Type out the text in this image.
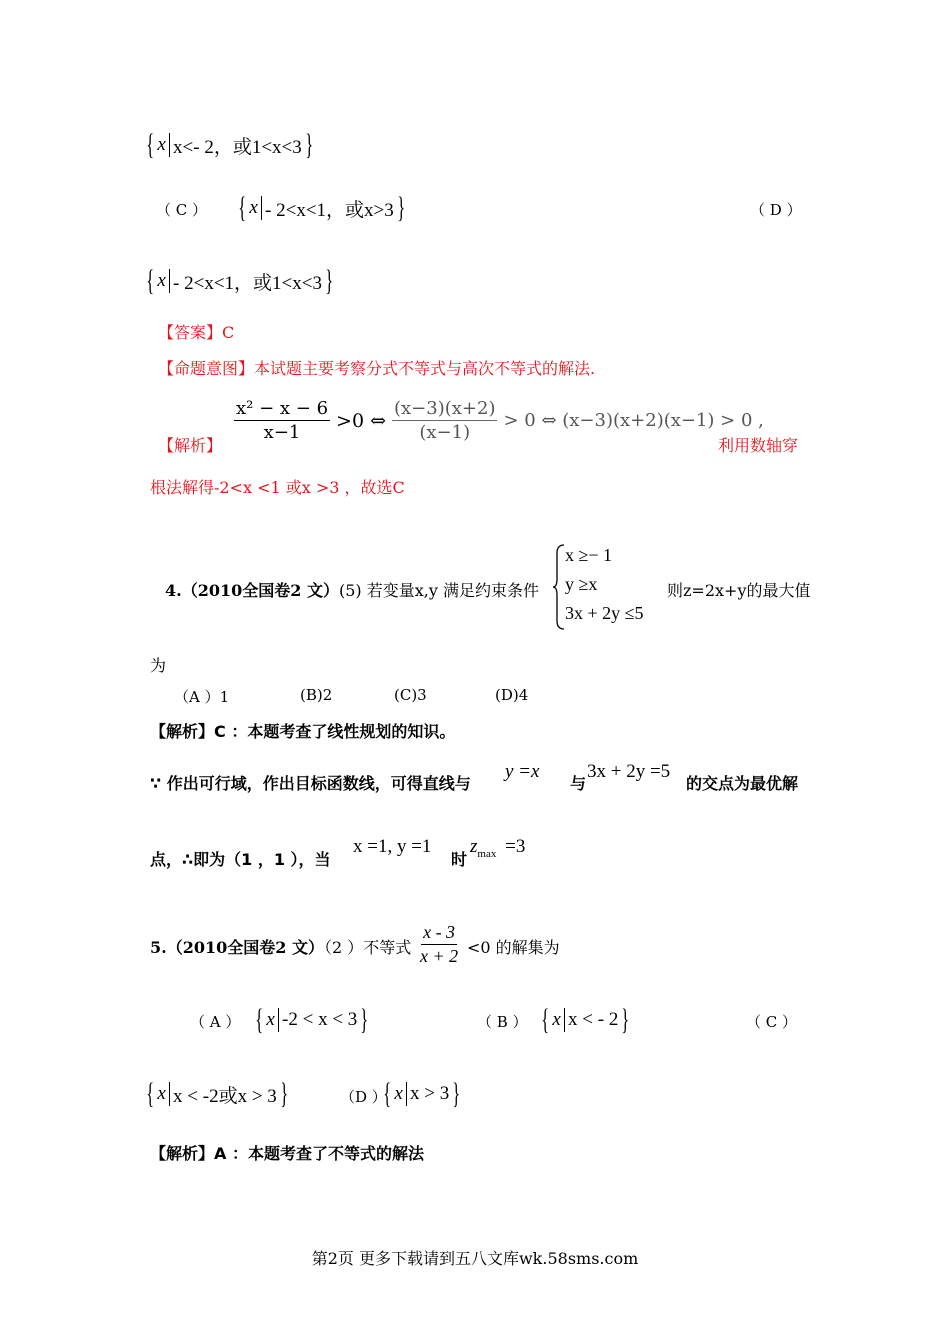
{ x x<- 2，或1<x<3 }
（ C ） { x - 2<x<1，或x>3 }	（ D ）
{ x - 2<x<1，或1<x<3 }
【答案】C
【命题意图】本试题主要考察分式不等式与高次不等式的解法.
【解析】
$\frac{\text{x² − x − 6}}{x-1} >0$ ⇔ $\frac{(x-3)(x+2)}{(x-1)} > 0$ ⇔ (x−3)(x+2)(x−1) > 0 ,
利用数轴穿
根法解得-2<x <1 或x >3 ，故选C
4.（2010全国卷2 文）(5) 若变量x,y 满足约束条件
x ≥− 1
y ≥x
3x + 2y ≤5
则z=2x+y的最大值
为
（A ）1	(B)2	(C)3	(D)4
【解析】C ：本题考查了线性规划的知识。
∵ 作出可行域，作出目标函数线，可得直线与
y =x
与
3x + 2y =5
的交点为最优解
点，∴即为（1 ，1 ），当
x =1, y =1
时
$z_{max} =3$
5.（2010全国卷2 文）（2 ）不等式 $\frac{x - 3}{x + 2} <0$ 的解集为
（ A ） { x -2 < x < 3 }	（ B ） { x x < - 2 }	（ C ）
{ x x < -2或x > 3 }	（D ）
{ x x > 3 }
【解析】A ：本题考查了不等式的解法
第2页 更多下载请到五八文库wk.58sms.com
